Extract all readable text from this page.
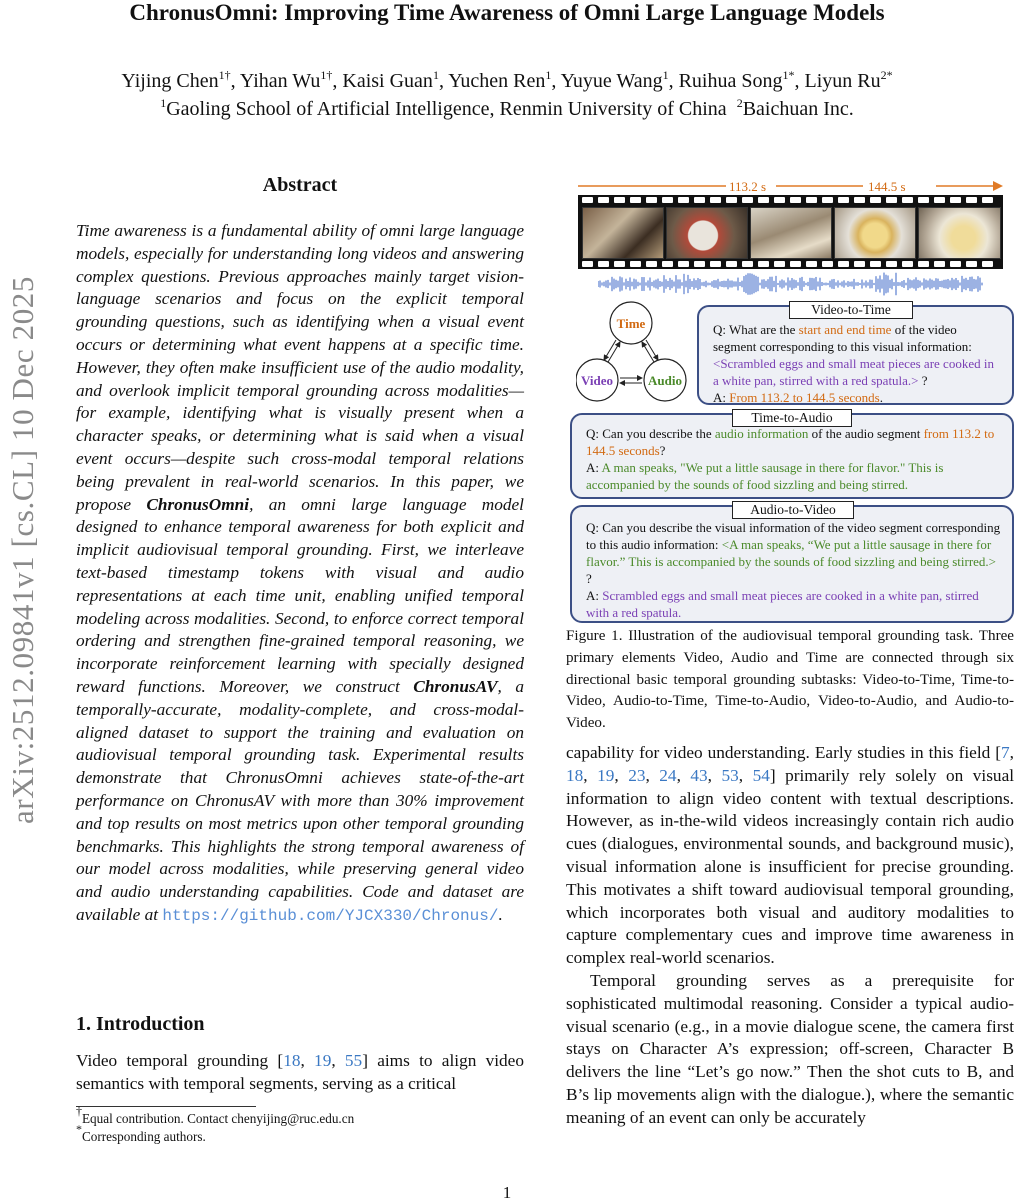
ChronusOmni: Improving Time Awareness of Omni Large Language Models
Yijing Chen$^{1\dagger}$, Yihan $Wu^{1\dagger}$, Kaisi Guan$^1$, Yuchen Ren$^1$, Yuyue Wang$^1$, Ruihua Song$^{1*}$, Liyun $Ru^{2*}$
$^1$Gaoling School of Artificial Intelligence, Renmin University of China $^2$Baichuan Inc.
arXiv:2512.09841v1 [cs.CL] 10 Dec 2025
Abstract
Time awareness is a fundamental ability of omni large language models, especially for understanding long videos and answering complex questions. Previous approaches mainly target vision-language scenarios and focus on the explicit temporal grounding questions, such as identifying when a visual event occurs or determining what event happens at a specific time. However, they often make insufficient use of the audio modality, and overlook implicit temporal grounding across modalities—for example, identifying what is visually present when a character speaks, or determining what is said when a visual event occurs—despite such cross-modal temporal relations being prevalent in real-world scenarios. In this paper, we propose ChronusOmni, an omni large language model designed to enhance temporal awareness for both explicit and implicit audiovisual temporal grounding. First, we interleave text-based timestamp tokens with visual and audio representations at each time unit, enabling unified temporal modeling across modalities. Second, to enforce correct temporal ordering and strengthen fine-grained temporal reasoning, we incorporate reinforcement learning with specially designed reward functions. Moreover, we construct ChronusAV, a temporally-accurate, modality-complete, and cross-modal-aligned dataset to support the training and evaluation on audiovisual temporal grounding task. Experimental results demonstrate that ChronusOmni achieves state-of-the-art performance on ChronusAV with more than 30% improvement and top results on most metrics upon other temporal grounding benchmarks. This highlights the strong temporal awareness of our model across modalities, while preserving general video and audio understanding capabilities. Code and dataset are available at https://github.com/YJCX330/Chronus/.
1. Introduction
Video temporal grounding [18, 19, 55] aims to align video semantics with temporal segments, serving as a critical
†Equal contribution. Contact chenyijing@ruc.edu.cn
*Corresponding authors.
113.2 s	144.5 s
Time
Video	Audio
Video-to-Time
Q: What are the start and end time of the video segment corresponding to this visual information: <Scrambled eggs and small meat pieces are cooked in a white pan, stirred with a red spatula.> ?
A: From 113.2 to 144.5 seconds.
Time-to-Audio
Q: Can you describe the audio information of the audio segment from 113.2 to 144.5 seconds?
A: A man speaks, "We put a little sausage in there for flavor." This is accompanied by the sounds of food sizzling and being stirred.
Audio-to-Video
Q: Can you describe the visual information of the video segment corresponding to this audio information: <A man speaks, “We put a little sausage in there for flavor.” This is accompanied by the sounds of food sizzling and being stirred.> ?
A: Scrambled eggs and small meat pieces are cooked in a white pan, stirred with a red spatula.
Figure 1. Illustration of the audiovisual temporal grounding task. Three primary elements Video, Audio and Time are connected through six directional basic temporal grounding subtasks: Video-to-Time, Time-to-Video, Audio-to-Time, Time-to-Audio, Video-to-Audio, and Audio-to-Video.

capability for video understanding. Early studies in this field [7, 18, 19, 23, 24, 43, 53, 54] primarily rely solely on visual information to align video content with textual descriptions. However, as in-the-wild videos increasingly contain rich audio cues (dialogues, environmental sounds, and background music), visual information alone is insufficient for precise grounding. This motivates a shift toward audiovisual temporal grounding, which incorporates both visual and auditory modalities to capture complementary cues and improve time awareness in complex real-world scenarios.

Temporal grounding serves as a prerequisite for sophisticated multimodal reasoning. Consider a typical audio-visual scenario (e.g., in a movie dialogue scene, the camera first stays on Character A’s expression; off-screen, Character B delivers the line “Let’s go now.” Then the shot cuts to B, and B’s lip movements align with the dialogue.), where the semantic meaning of an event can only be accurately

1
